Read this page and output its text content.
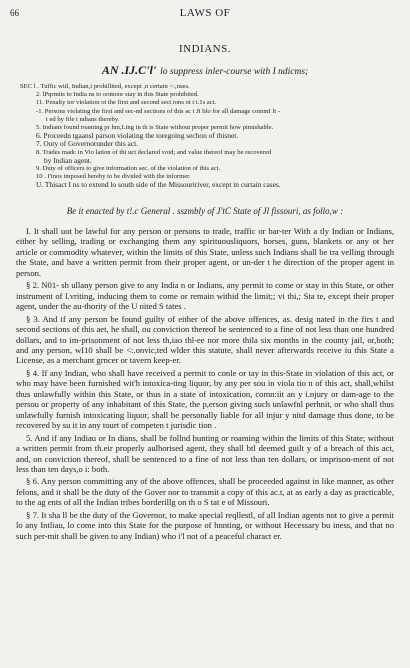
66	LAWS OF
INDIANS.
AN .IJ.C'l' lo suppress inler-course with I ndicms;
SEC l . Tuffic witl, Indian,i prohillited, except ,n certain <:,nses.
2. lPqrmits to India ns to oomoor stay in this State prohibited.
11. Penalty tor violation ot the first and second sect ions ot t t.1s act.
-1. Persons violating the first and sec-nd sections of this ac t Ji blo for all damage commI lt -
t ed by file i ndians thereby.
5. Indians found roaming pr hm,Ling in th is State without proper permit how pimishable.
6. Proceedn tgaansl parson violating the toregoing sechon of thisnet.
7. Outy of Governorunder this act.
8. Trades madc in Vio lation of thi uct declared void; and value thereof may be recovered
by Indian agent.
9. Duty of officers to give information sec. of the violation of this act.
10 . I'inos imposed hereby to be divided with the informer.
U. Thisact I ns to extend lo south side of the Missouririver, except in curtain cases.
Be it enacted by t!.c General . sszmbly of J'tC State of Jl fissouri, as follo,w :

I. It shall uot be lawful for any person or persons to trade, traffic or bar-ter With a tly Indian or Indians, either by selling, trading or exchanging them any spirituousliquors, horses, guns, blankets or any ot her article or commodity whatever, within the limits of this State, unless such Indians shall be tra velling through the State, and have a written permit from their proper agent, or un-der t he direction of the proper agent in person.

§ 2. N01- sh ullany person give to any India n or Indians, any permit to come or stay in this State, or other instrument of l.vriting, inducing them to come or remain withid the limit;; vi thi,; Sta te, except their proper agent, under the au-thority of the U nited S tates .

§ 3. And if any person be found guilty of either of the above offences, as. desig nated in the firs t and second sections of this aet, he shall, ou conviction thereof be sentenced to a fine of not less than one hundred dollars, and to im-prisonment of not less th,iao thl-ee nor more thila six months in the county jail, or,both; and any person, wI10 shall be <:.onvic,ted wlder this statute, shall never afterwards receive iu this State a License, as a merchant grncer or tavern keep-er.

§ 4. If any Indian, who shall have received a permit to conle or tay in this-State in violation of this act, or who may have been furnished wit'h intoxica-ting liquor, by any per sou in viola tio n of this act, shall,whilst thus unlawfully within this State, or thus in a state of intoxication, comn:iit an y i.njury or dam-age to the persou or property of any inhabitant of this State, the p,erson giving such unlawfnl perhnit, or who shall thus unlawfully furnish intoxicating liquor, shall be personally liable for all injur y nitd damage thus done, to be recovered by su it in any tourt of competen t jurisdic tion .

5. And if any Indiau or In dians, shall be follnd hunting or roaming within the limits of this State; without a written permit from th.eir properly aulhorised agent, they shall btl deemed guilt y of a breach of this act, and, on conviction thereof, shall be sentenced to a fine of not less than ten dollars, or imprison-ment of not less than ten days,o i: both.

§ 6. Any person committing any of the above offences, shall be proceeded against in like manner, as other felons, and it shall be the duty of the Gover nor to transmit a copy of this ac.t, at as early a day as practicable, to the ag ents of all the Indian tribes borderillg on th o S tat e of Missouri.

§ 7. It sha ll be the duty of the Governor, to make special reqllestl, of all Indian agents not to give a permit lo any Intliau, lo come into this State for the purpose of hnnting, or without Hecessary bu iness, and that no such per-mit shall be given to any Indian) who i'l not of a peaceful charact er.
